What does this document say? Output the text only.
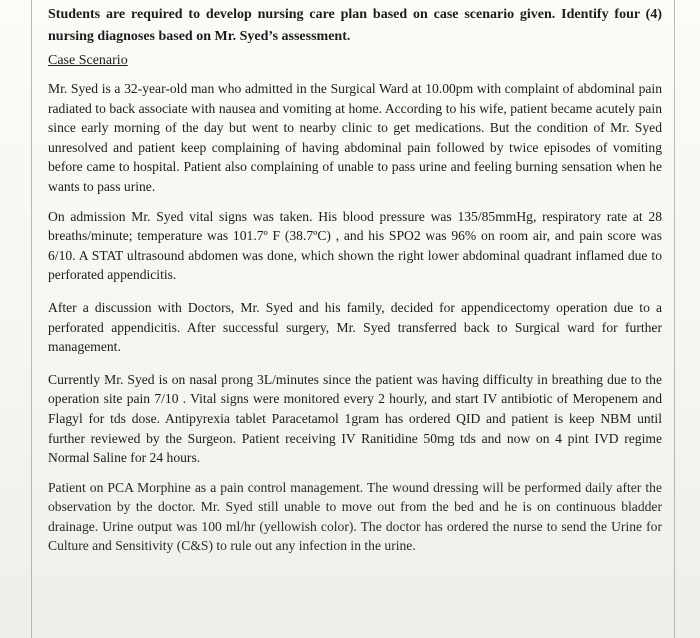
Students are required to develop nursing care plan based on case scenario given. Identify four (4) nursing diagnoses based on Mr. Syed’s assessment.

Case Scenario

Mr. Syed is a 32-year-old man who admitted in the Surgical Ward at 10.00pm with complaint of abdominal pain radiated to back associate with nausea and vomiting at home. According to his wife, patient became acutely pain since early morning of the day but went to nearby clinic to get medications. But the condition of Mr. Syed unresolved and patient keep complaining of having abdominal pain followed by twice episodes of vomiting before came to hospital. Patient also complaining of unable to pass urine and feeling burning sensation when he wants to pass urine.

On admission Mr. Syed vital signs was taken. His blood pressure was 135/85mmHg, respiratory rate at 28 breaths/minute; temperature was 101.7º F (38.7ºC) , and his SPO2 was 96% on room air, and pain score was 6/10. A STAT ultrasound abdomen was done, which shown the right lower abdominal quadrant inflamed due to perforated appendicitis.

After a discussion with Doctors, Mr. Syed and his family, decided for appendicectomy operation due to a perforated appendicitis. After successful surgery, Mr. Syed transferred back to Surgical ward for further management.

Currently Mr. Syed is on nasal prong 3L/minutes since the patient was having difficulty in breathing due to the operation site pain 7/10 . Vital signs were monitored every 2 hourly, and start IV antibiotic of Meropenem and Flagyl for tds dose. Antipyrexia tablet Paracetamol 1gram has ordered QID and patient is keep NBM until further reviewed by the Surgeon. Patient receiving IV Ranitidine 50mg tds and now on 4 pint IVD regime Normal Saline for 24 hours.

Patient on PCA Morphine as a pain control management. The wound dressing will be performed daily after the observation by the doctor. Mr. Syed still unable to move out from the bed and he is on continuous bladder drainage. Urine output was 100 ml/hr (yellowish color). The doctor has ordered the nurse to send the Urine for Culture and Sensitivity (C&S) to rule out any infection in the urine.
